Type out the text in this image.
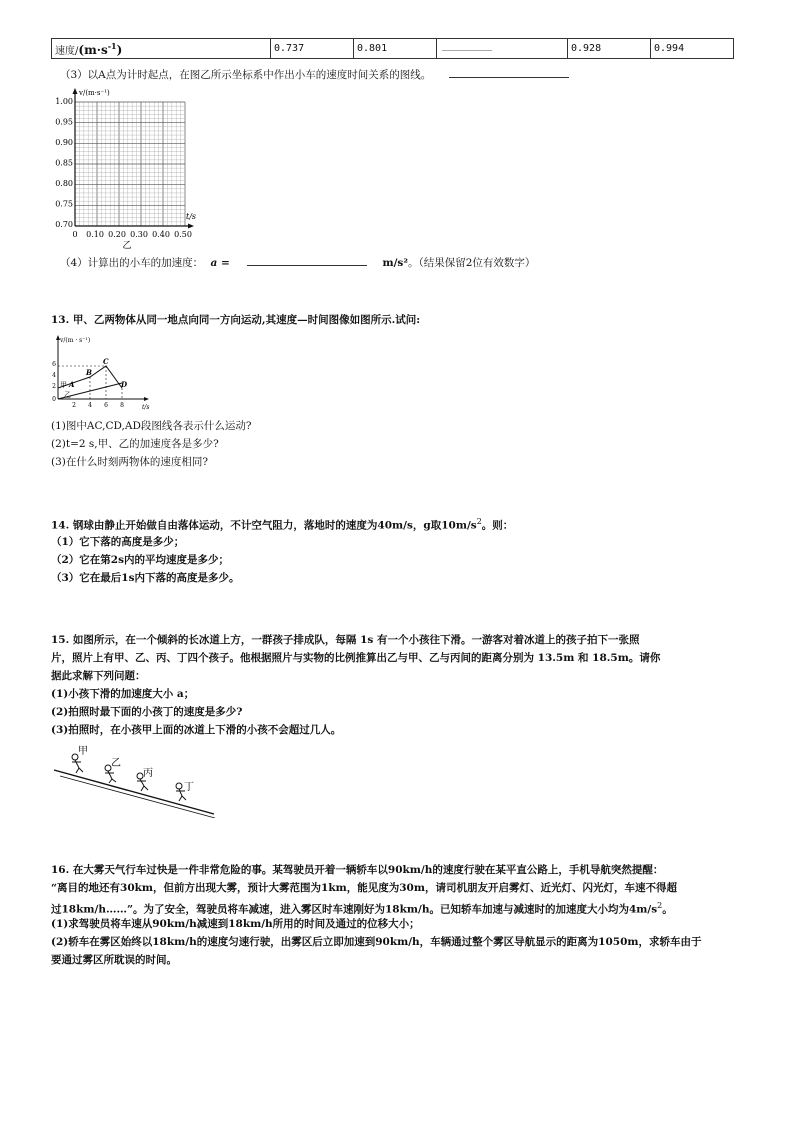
速度$/(m\cdot s^{-1})$	0.737	0.801		0.928	0.994
（3）以A点为计时起点，在图乙所示坐标系中作出小车的速度时间关系的图线。
v/(m·s⁻¹)
t/s
1.00
0.95
0.90
0.85
0.80
0.75
0.70
0 0.10 0.20 0.30 0.40 0.50
乙
（4）计算出的小车的加速度： a =	m/s²。（结果保留2位有效数字）
13. 甲、乙两物体从同一地点向同一方向运动,其速度—时间图像如图所示.试问:
v/(m · s⁻¹)
t/s
6
4
2
0
2 4 6 8
A
B
C
D
甲
乙
(1)图中AC,CD,AD段图线各表示什么运动?
(2)t=2 s,甲、乙的加速度各是多少?
(3)在什么时刻两物体的速度相同?
14. 钢球由静止开始做自由落体运动，不计空气阻力，落地时的速度为40m/s，g取$10m/s^2$。则：
（1）它下落的高度是多少；
（2）它在第2s内的平均速度是多少；
（3）它在最后1s内下落的高度是多少。
15. 如图所示，在一个倾斜的长冰道上方，一群孩子排成队，每隔 1s 有一个小孩往下滑。一游客对着冰道上的孩子拍下一张照
片，照片上有甲、乙、丙、丁四个孩子。他根据照片与实物的比例推算出乙与甲、乙与丙间的距离分别为 13.5m 和 18.5m。请你
据此求解下列问题：
(1)小孩下滑的加速度大小 a；
(2)拍照时最下面的小孩丁的速度是多少?
(3)拍照时，在小孩甲上面的冰道上下滑的小孩不会超过几人。
甲
乙
丙
丁
16. 在大雾天气行车过快是一件非常危险的事。某驾驶员开着一辆轿车以90km/h的速度行驶在某平直公路上，手机导航突然提醒：
“离目的地还有30km，但前方出现大雾，预计大雾范围为1km，能见度为30m，请司机朋友开启雾灯、近光灯、闪光灯，车速不得超
过18km/h……”。为了安全，驾驶员将车减速，进入雾区时车速刚好为18km/h。已知轿车加速与减速时的加速度大小均为$4m/s^2$。
(1)求驾驶员将车速从90km/h减速到18km/h所用的时间及通过的位移大小；
(2)轿车在雾区始终以18km/h的速度匀速行驶，出雾区后立即加速到90km/h，车辆通过整个雾区导航显示的距离为1050m，求轿车由于
要通过雾区所耽误的时间。
